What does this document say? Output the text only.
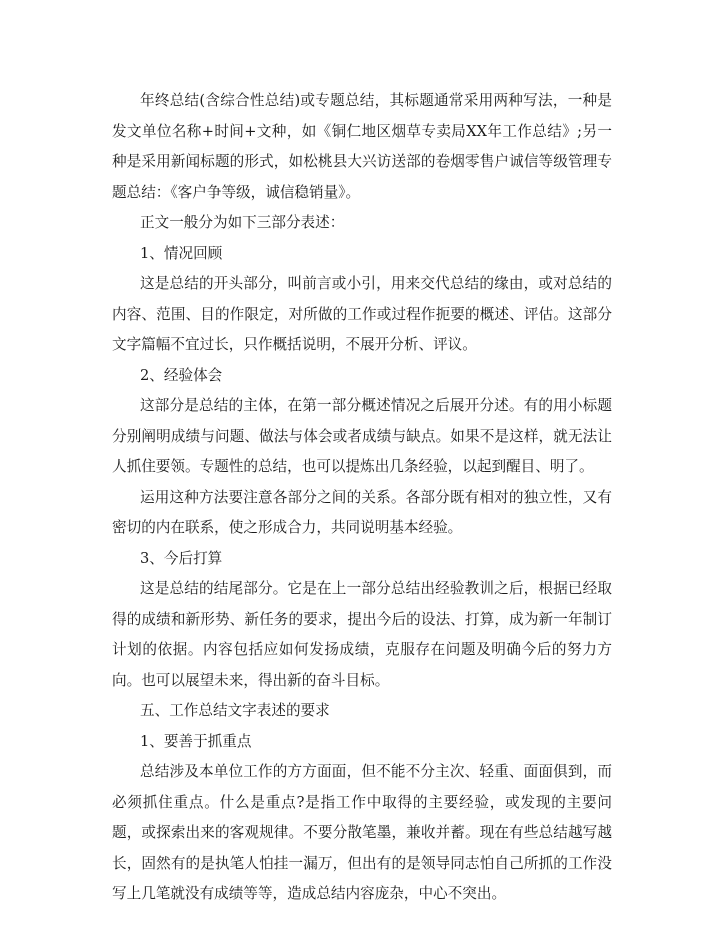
年终总结(含综合性总结)或专题总结，其标题通常采用两种写法，一种是发文单位名称+时间+文种，如《铜仁地区烟草专卖局XX年工作总结》;另一种是采用新闻标题的形式，如松桃县大兴访送部的卷烟零售户诚信等级管理专题总结：《客户争等级，诚信稳销量》。

正文一般分为如下三部分表述：

1、情况回顾

这是总结的开头部分，叫前言或小引，用来交代总结的缘由，或对总结的内容、范围、目的作限定，对所做的工作或过程作扼要的概述、评估。这部分文字篇幅不宜过长，只作概括说明，不展开分析、评议。

2、经验体会

这部分是总结的主体，在第一部分概述情况之后展开分述。有的用小标题分别阐明成绩与问题、做法与体会或者成绩与缺点。如果不是这样，就无法让人抓住要领。专题性的总结，也可以提炼出几条经验，以起到醒目、明了。

运用这种方法要注意各部分之间的关系。各部分既有相对的独立性，又有密切的内在联系，使之形成合力，共同说明基本经验。

3、今后打算

这是总结的结尾部分。它是在上一部分总结出经验教训之后，根据已经取得的成绩和新形势、新任务的要求，提出今后的设法、打算，成为新一年制订计划的依据。内容包括应如何发扬成绩，克服存在问题及明确今后的努力方向。也可以展望未来，得出新的奋斗目标。

五、工作总结文字表述的要求

1、要善于抓重点

总结涉及本单位工作的方方面面，但不能不分主次、轻重、面面俱到，而必须抓住重点。什么是重点?是指工作中取得的主要经验，或发现的主要问题，或探索出来的客观规律。不要分散笔墨，兼收并蓄。现在有些总结越写越长，固然有的是执笔人怕挂一漏万，但出有的是领导同志怕自己所抓的工作没写上几笔就没有成绩等等，造成总结内容庞杂，中心不突出。
